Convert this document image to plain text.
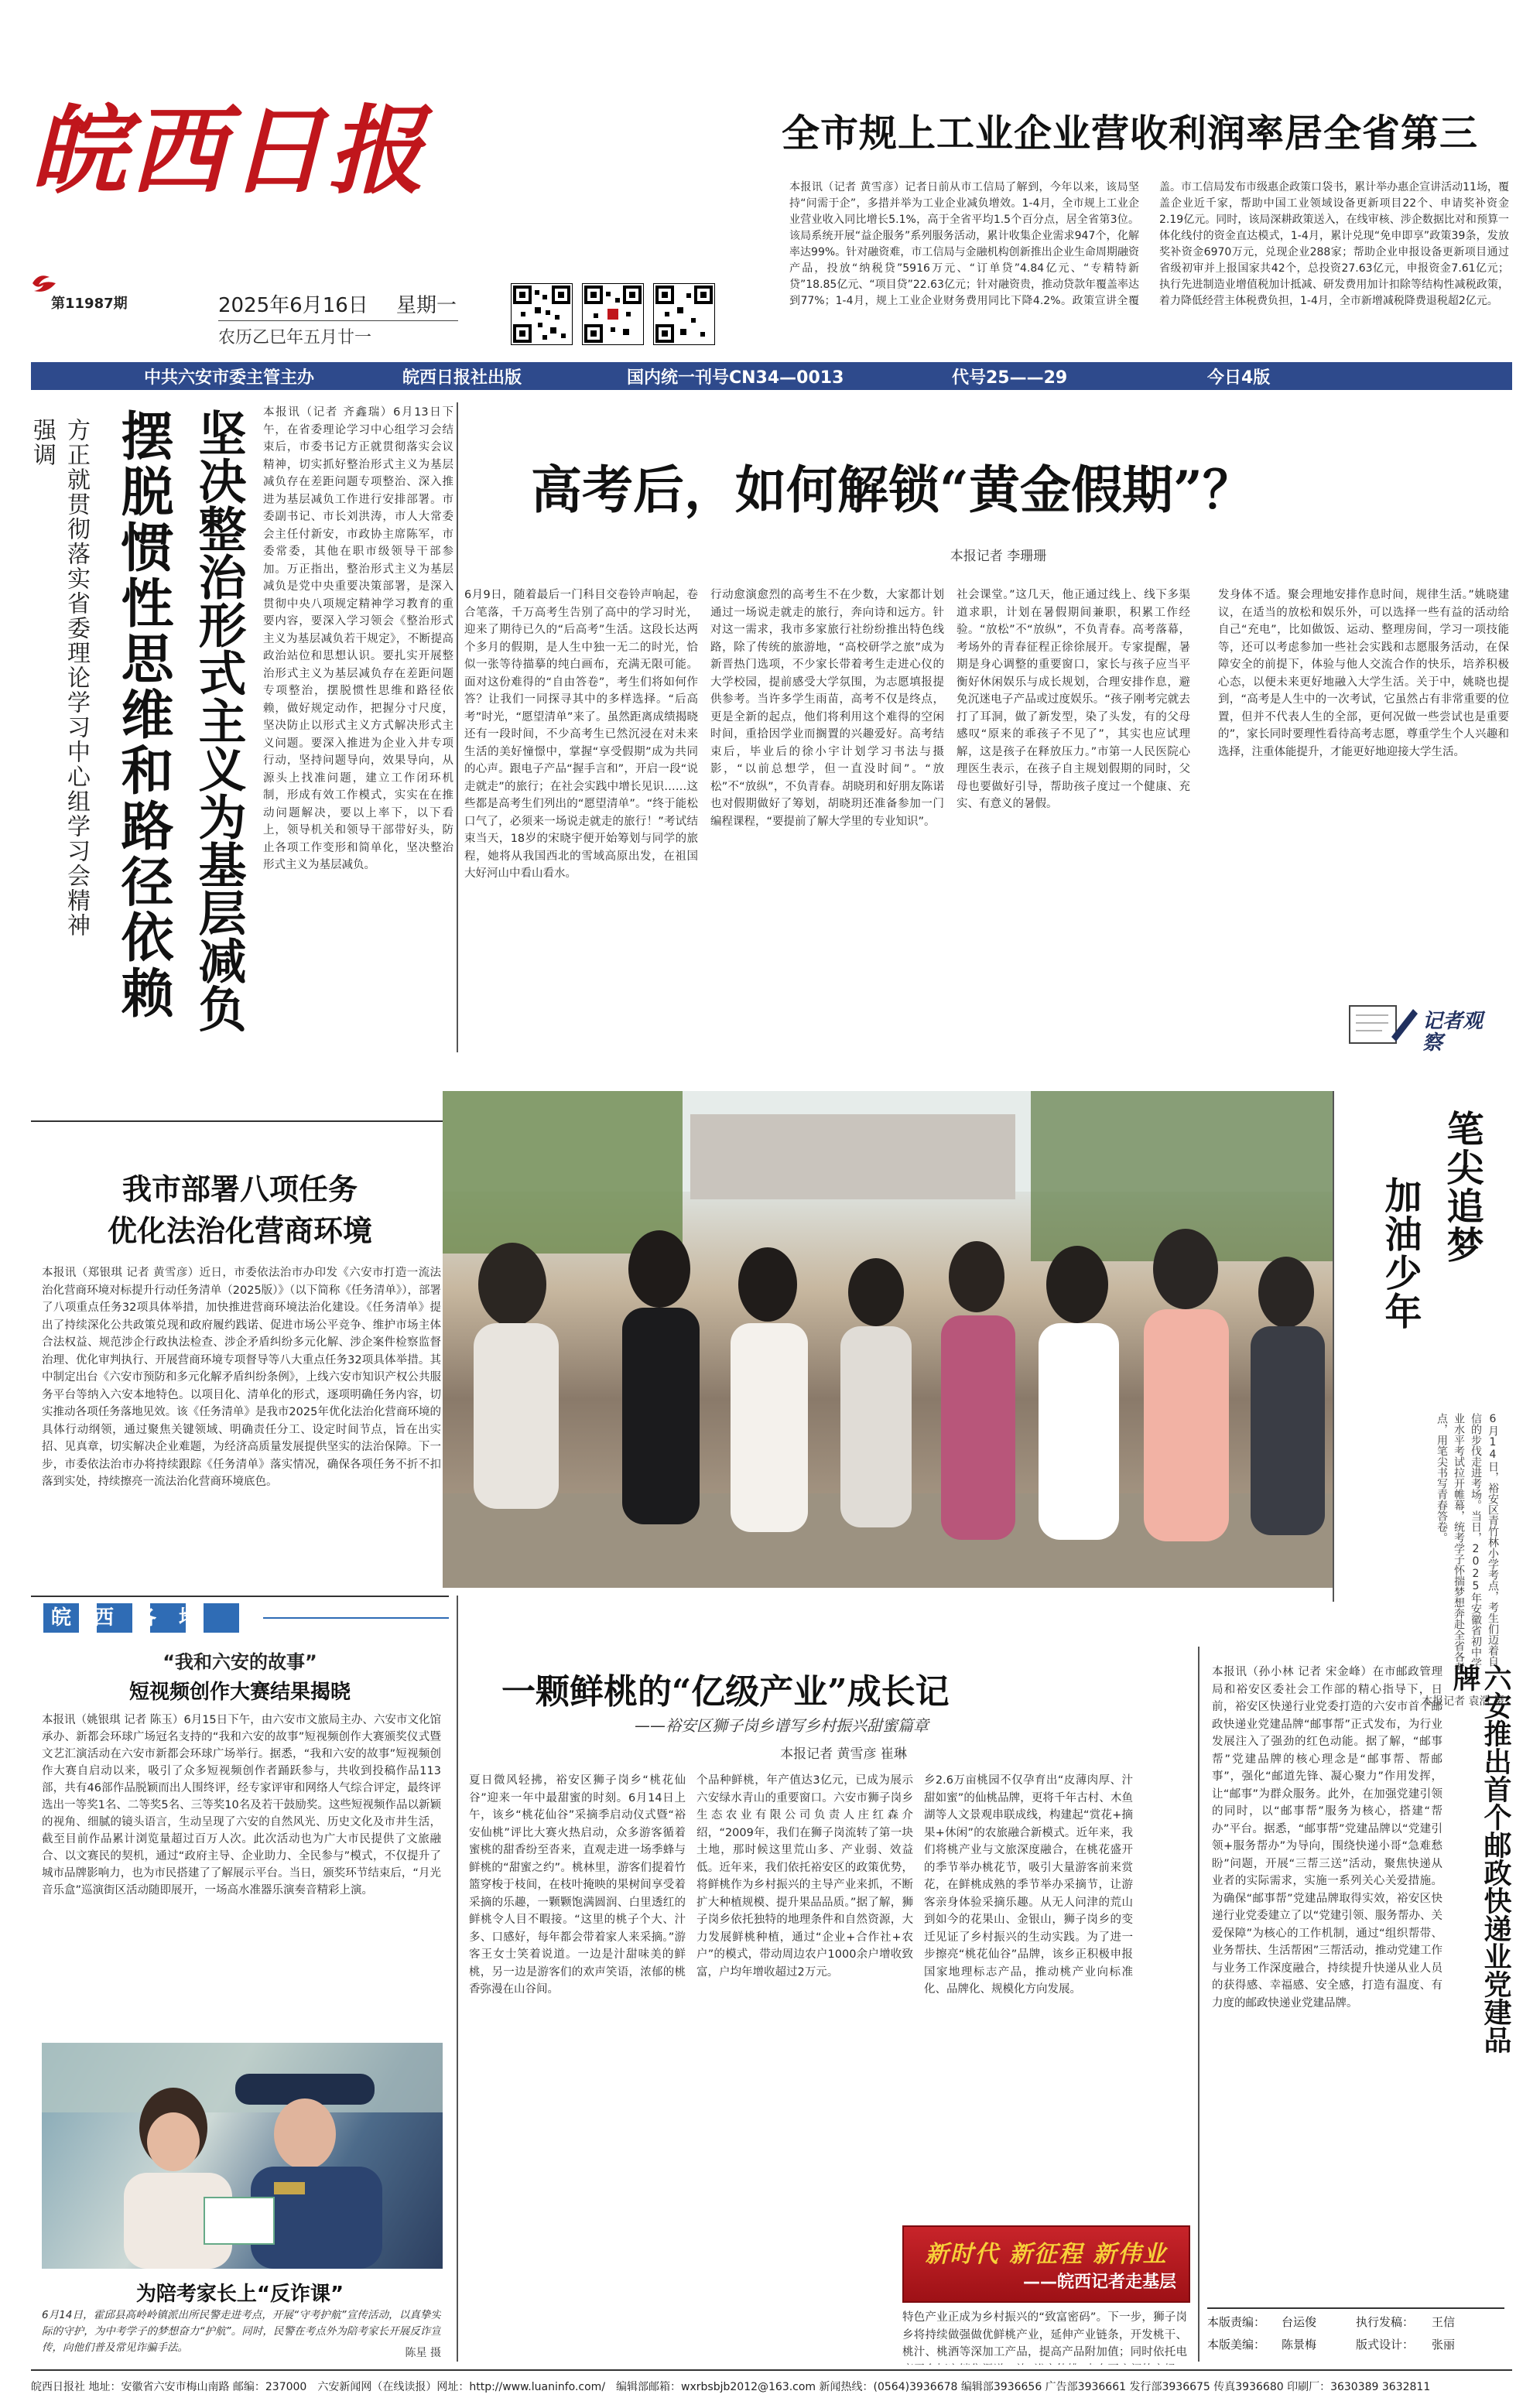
皖西日报
第11987期	2025年6月16日	星期一
农历乙巳年五月廿一
全市规上工业企业营收利润率居全省第三
本报讯（记者 黄雪彦）记者日前从市工信局了解到，今年以来，该局坚持“问需于企”，多措并举为工业企业减负增效。1-4月，全市规上工业企业营业收入同比增长5.1%，高于全省平均1.5个百分点，居全省第3位。该局系统开展“益企服务”系列服务活动，累计收集企业需求947个，化解率达99%。针对融资难，市工信局与金融机构创新推出企业生命周期融资产品，投放“纳税贷”5916万元、“订单贷”4.84亿元、“专精特新贷”18.85亿元、“项目贷”22.63亿元；针对融资贵，推动贷款年覆盖率达到77%；1-4月，规上工业企业财务费用同比下降4.2%。政策宣讲全覆盖。市工信局发布市级惠企政策口袋书，累计举办惠企宣讲活动11场，覆盖企业近千家，帮助中国工业领域设备更新项目22个、申请奖补资金2.19亿元。同时，该局深耕政策送入，在线审核、涉企数据比对和预算一体化线付的资金直达模式，1-4月，累计兑现“免申即享”政策39条，发放奖补资金6970万元，兑现企业288家；帮助企业申报设备更新项目通过省级初审并上报国家共42个，总投资27.63亿元，申报资金7.61亿元；执行先进制造业增值税加计抵减、研发费用加计扣除等结构性减税政策，着力降低经营主体税费负担，1-4月，全市新增减税降费退税超2亿元。
中共六安市委主管主办	皖西日报社出版	国内统一刊号CN34—0013	代号25——29	今日4版
方正就贯彻落实省委理论学习中心组学习会精神强调	坚决整治形式主义为基层减负
摆脱惯性思维和路径依赖	本报讯（记者 齐鑫瑞）6月13日下午，在省委理论学习中心组学习会结束后，市委书记方正就贯彻落实会议精神，切实抓好整治形式主义为基层减负存在差距问题专项整治、深入推进为基层减负工作进行安排部署。市委副书记、市长刘洪涛，市人大常委会主任付新安，市政协主席陈军，市委常委，其他在职市级领导干部参加。万正指出，整治形式主义为基层减负是党中央重要决策部署，是深入贯彻中央八项规定精神学习教育的重要内容，要深入学习领会《整治形式主义为基层减负若干规定》，不断提高政治站位和思想认识。要扎实开展整治形式主义为基层减负存在差距问题专项整治，摆脱惯性思维和路径依赖，做好规定动作，把握分寸尺度，坚决防止以形式主义方式解决形式主义问题。要深入推进为企业入井专项行动，坚持问题导向，效果导向，从源头上找准问题，建立工作闭环机制，形成有效工作模式，实实在在推动问题解决，要以上率下，以下看上，领导机关和领导干部带好头，防止各项工作变形和简单化，坚决整治形式主义为基层减负。
高考后，如何解锁“黄金假期”？
本报记者 李珊珊
6月9日，随着最后一门科目交卷铃声响起，卷合笔落，千万高考生告别了高中的学习时光，迎来了期待已久的“后高考”生活。这段长达两个多月的假期，是人生中独一无二的时光，恰似一张等待描摹的纯白画布，充满无限可能。面对这份难得的“自由答卷”，考生们将如何作答？让我们一同探寻其中的多样选择。“后高考”时光，“愿望清单”来了。虽然距离成绩揭晓还有一段时间，不少高考生已然沉浸在对未来生活的美好憧憬中，掌握“享受假期”成为共同的心声。跟电子产品“握手言和”，开启一段“说走就走”的旅行；在社会实践中增长见识……这些都是高考生们列出的“愿望清单”。“终于能松口气了，必须来一场说走就走的旅行！”考试结束当天，18岁的宋晓宇便开始筹划与同学的旅程，她将从我国西北的雪域高原出发，在祖国大好河山中看山看水。
行动愈演愈烈的高考生不在少数，大家都计划通过一场说走就走的旅行，奔向诗和远方。针对这一需求，我市多家旅行社纷纷推出特色线路，除了传统的旅游地，“高校研学之旅”成为新晋热门选项，不少家长带着考生走进心仪的大学校园，提前感受大学氛围，为志愿填报提供参考。当许多学生雨苗，高考不仅是终点，更是全新的起点，他们将利用这个难得的空闲时间，重拾因学业而搁置的兴趣爱好。高考结束后，毕业后的徐小宇计划学习书法与摄影，“以前总想学，但一直没时间”。“放松”不“放纵”，不负青春。胡晓玥和好朋友陈诺也对假期做好了筹划，胡晓玥还准备参加一门编程课程，“要提前了解大学里的专业知识”。
社会课堂。”这几天，他正通过线上、线下多渠道求职，计划在暑假期间兼职，积累工作经验。“放松”不“放纵”，不负青春。高考落幕，考场外的青春征程正徐徐展开。专家提醒，暑期是身心调整的重要窗口，家长与孩子应当平衡好休闲娱乐与成长规划，合理安排作息，避免沉迷电子产品或过度娱乐。“孩子刚考完就去打了耳洞，做了新发型，染了头发，有的父母感叹“原来的乖孩子不见了”，其实也应试理解，这是孩子在释放压力。”市第一人民医院心理医生表示，在孩子自主规划假期的同时，父母也要做好引导，帮助孩子度过一个健康、充实、有意义的暑假。
发身体不适。聚会理地安排作息时间，规律生活。”姚晓建议，在适当的放松和娱乐外，可以选择一些有益的活动给自己“充电”，比如做饭、运动、整理房间，学习一项技能等，还可以考虑参加一些社会实践和志愿服务活动，在保障安全的前提下，体验与他人交流合作的快乐，培养积极心态，以便未来更好地融入大学生活。关于中，姚晓也提到，“高考是人生中的一次考试，它虽然占有非常重要的位置，但并不代表人生的全部，更何况做一些尝试也是重要的”，家长同时要理性看待高考志愿，尊重学生个人兴趣和选择，注重体能提升，才能更好地迎接大学生活。
记者观察
我市部署八项任务
优化法治化营商环境
本报讯（郑银琪 记者 黄雪彦）近日，市委依法治市办印发《六安市打造一流法治化营商环境对标提升行动任务清单（2025版）》（以下简称《任务清单》），部署了八项重点任务32项具体举措，加快推进营商环境法治化建设。《任务清单》提出了持续深化公共政策兑现和政府履约践诺、促进市场公平竞争、维护市场主体合法权益、规范涉企行政执法检查、涉企矛盾纠纷多元化解、涉企案件检察监督治理、优化审判执行、开展营商环境专项督导等八大重点任务32项具体举措。其中制定出台《六安市预防和多元化解矛盾纠纷条例》，上线六安市知识产权公共服务平台等纳入六安本地特色。以项目化、清单化的形式，逐项明确任务内容，切实推动各项任务落地见效。该《任务清单》是我市2025年优化法治化营商环境的具体行动纲领，通过聚焦关键领域、明确责任分工、设定时间节点，旨在出实招、见真章，切实解决企业难题，为经济高质量发展提供坚实的法治保障。下一步，市委依法治市办将持续跟踪《任务清单》落实情况，确保各项任务不折不扣落到实处，持续擦亮一流法治化营商环境底色。
笔尖追梦
加油少年
6月14日，裕安区青竹林小学考点，考生们迈着自信的步伐走进考场。当日，2025年安徽省初中学业水平考试拉开帷幕，统考学子怀揣梦想奔赴全省各考点，用笔尖书写青春答卷。
本报记者 袁浩 摄
皖西各地
“我和六安的故事”
短视频创作大赛结果揭晓
本报讯（姚银琪 记者 陈玉）6月15日下午，由六安市文旅局主办、六安市文化馆承办、新都会环球广场冠名支持的“我和六安的故事”短视频创作大赛颁奖仪式暨文艺汇演活动在六安市新都会环球广场举行。据悉，“我和六安的故事”短视频创作大赛自启动以来，吸引了众多短视频创作者踊跃参与，共收到投稿作品113部，共有46部作品脱颖而出人围终评，经专家评审和网络人气综合评定，最终评选出一等奖1名、二等奖5名、三等奖10名及若干鼓励奖。这些短视频作品以新颖的视角、细腻的镜头语言，生动呈现了六安的自然风光、历史文化及市井生活，截至目前作品累计浏览量超过百万人次。此次活动也为广大市民提供了文旅融合、以文赛民的契机，通过“政府主导、企业助力、全民参与”模式，不仅提升了城市品牌影响力，也为市民搭建了了解展示平台。当日，颁奖环节结束后，“月光音乐盒”巡演街区活动随即展开，一场高水准器乐演奏音精彩上演。
为陪考家长上“反诈课”
6月14日，霍邱县高岭岭镇派出所民警走进考点，开展“守考护航”宣传活动，以真挚实际的守护，为中考学子的梦想奋力“护航”。同时，民警在考点外为陪考家长开展反诈宣传，向他们普及常见诈骗手法。	陈星 摄
一颗鲜桃的“亿级产业”成长记
——裕安区狮子岗乡谱写乡村振兴甜蜜篇章
本报记者 黄雪彦 崔琳
夏日微风轻拂，裕安区狮子岗乡“桃花仙谷”迎来一年中最甜蜜的时刻。6月14日上午，该乡“桃花仙谷”采摘季启动仪式暨“裕安仙桃”评比大赛火热启动，众多游客循着蜜桃的甜香纷至沓来，直观走进一场季蜂与鲜桃的“甜蜜之约”。桃林里，游客们提着竹篮穿梭于枝间，在枝叶掩映的果树间享受着采摘的乐趣，一颗颗饱满圆润、白里透红的鲜桃令人目不暇接。“这里的桃子个大、汁多、口感好，每年都会带着家人来采摘。”游客王女士笑着说道。一边是汁甜味美的鲜桃，另一边是游客们的欢声笑语，浓郁的桃香弥漫在山谷间。
个品种鲜桃，年产值达3亿元，已成为展示六安绿水青山的重要窗口。六安市狮子岗乡生态农业有限公司负责人庄红森介绍，“2009年，我们在狮子岗流转了第一块土地，那时候这里荒山多、产业弱、效益低。近年来，我们依托裕安区的政策优势，将鲜桃作为乡村振兴的主导产业来抓，不断扩大种植规模、提升果品品质。”据了解，狮子岗乡依托独特的地理条件和自然资源，大力发展鲜桃种植，通过“企业+合作社+农户”的模式，带动周边农户1000余户增收致富，户均年增收超过2万元。
乡2.6万亩桃园不仅孕育出“皮薄肉厚、汁甜如蜜”的仙桃品牌，更将千年古村、木鱼湖等人文景观串联成线，构建起“赏花+摘果+休闲”的农旅融合新模式。近年来，我们将桃产业与文旅深度融合，在桃花盛开的季节举办桃花节，吸引大量游客前来赏花，在鲜桃成熟的季节举办采摘节，让游客亲身体验采摘乐趣。从无人问津的荒山到如今的花果山、金银山，狮子岗乡的变迁见证了乡村振兴的生动实践。为了进一步擦亮“桃花仙谷”品牌，该乡正积极申报国家地理标志产品，推动桃产业向标准化、品牌化、规模化方向发展。
新时代 新征程 新伟业
——皖西记者走基层
特色产业正成为乡村振兴的“致富密码”。下一步，狮子岗乡将持续做强做优鲜桃产业，延伸产业链条，开发桃干、桃汁、桃酒等深加工产品，提高产品附加值；同时依托电
六安推出首个邮政快递业党建品牌
本报讯（孙小林 记者 宋金峰）在市邮政管理局和裕安区委社会工作部的精心指导下，日前，裕安区快递行业党委打造的六安市首个邮政快递业党建品牌“邮事帮”正式发布，为行业发展注入了强劲的红色动能。据了解，“邮事帮”党建品牌的核心理念是“邮事帮、帮邮事”，强化“邮道先锋、凝心聚力”作用发挥，让“邮事”为群众服务。此外，在加强党建引领的同时，以“邮事帮”服务为核心，搭建“帮办”平台。据悉，“邮事帮”党建品牌以“党建引领+服务帮办”为导向，围绕快递小哥“急难愁盼”问题，开展“三帮三送”活动，聚焦快递从业者的实际需求，实施一系列关心关爱措施。为确保“邮事帮”党建品牌取得实效，裕安区快递行业党委建立了以“党建引领、服务帮办、关爱保障”为核心的工作机制，通过“组织帮带、业务帮扶、生活帮困”三帮活动，推动党建工作与业务工作深度融合，持续提升快递从业人员的获得感、幸福感、安全感，打造有温度、有力度的邮政快递业党建品牌。
本版责编：	台运俊	执行发稿：	王信
本版美编：	陈景梅	版式设计：	张丽
皖西日报社 地址：安徽省六安市梅山南路 邮编：237000　六安新闻网（在线读报）网址：http://www.luaninfo.com/　编辑部邮箱：wxrbsbjb2012@163.com 新闻热线：(0564)3936678 编辑部3936656 广告部3936661 发行部3936675 传真3936680 印刷厂：3630389 3632811
